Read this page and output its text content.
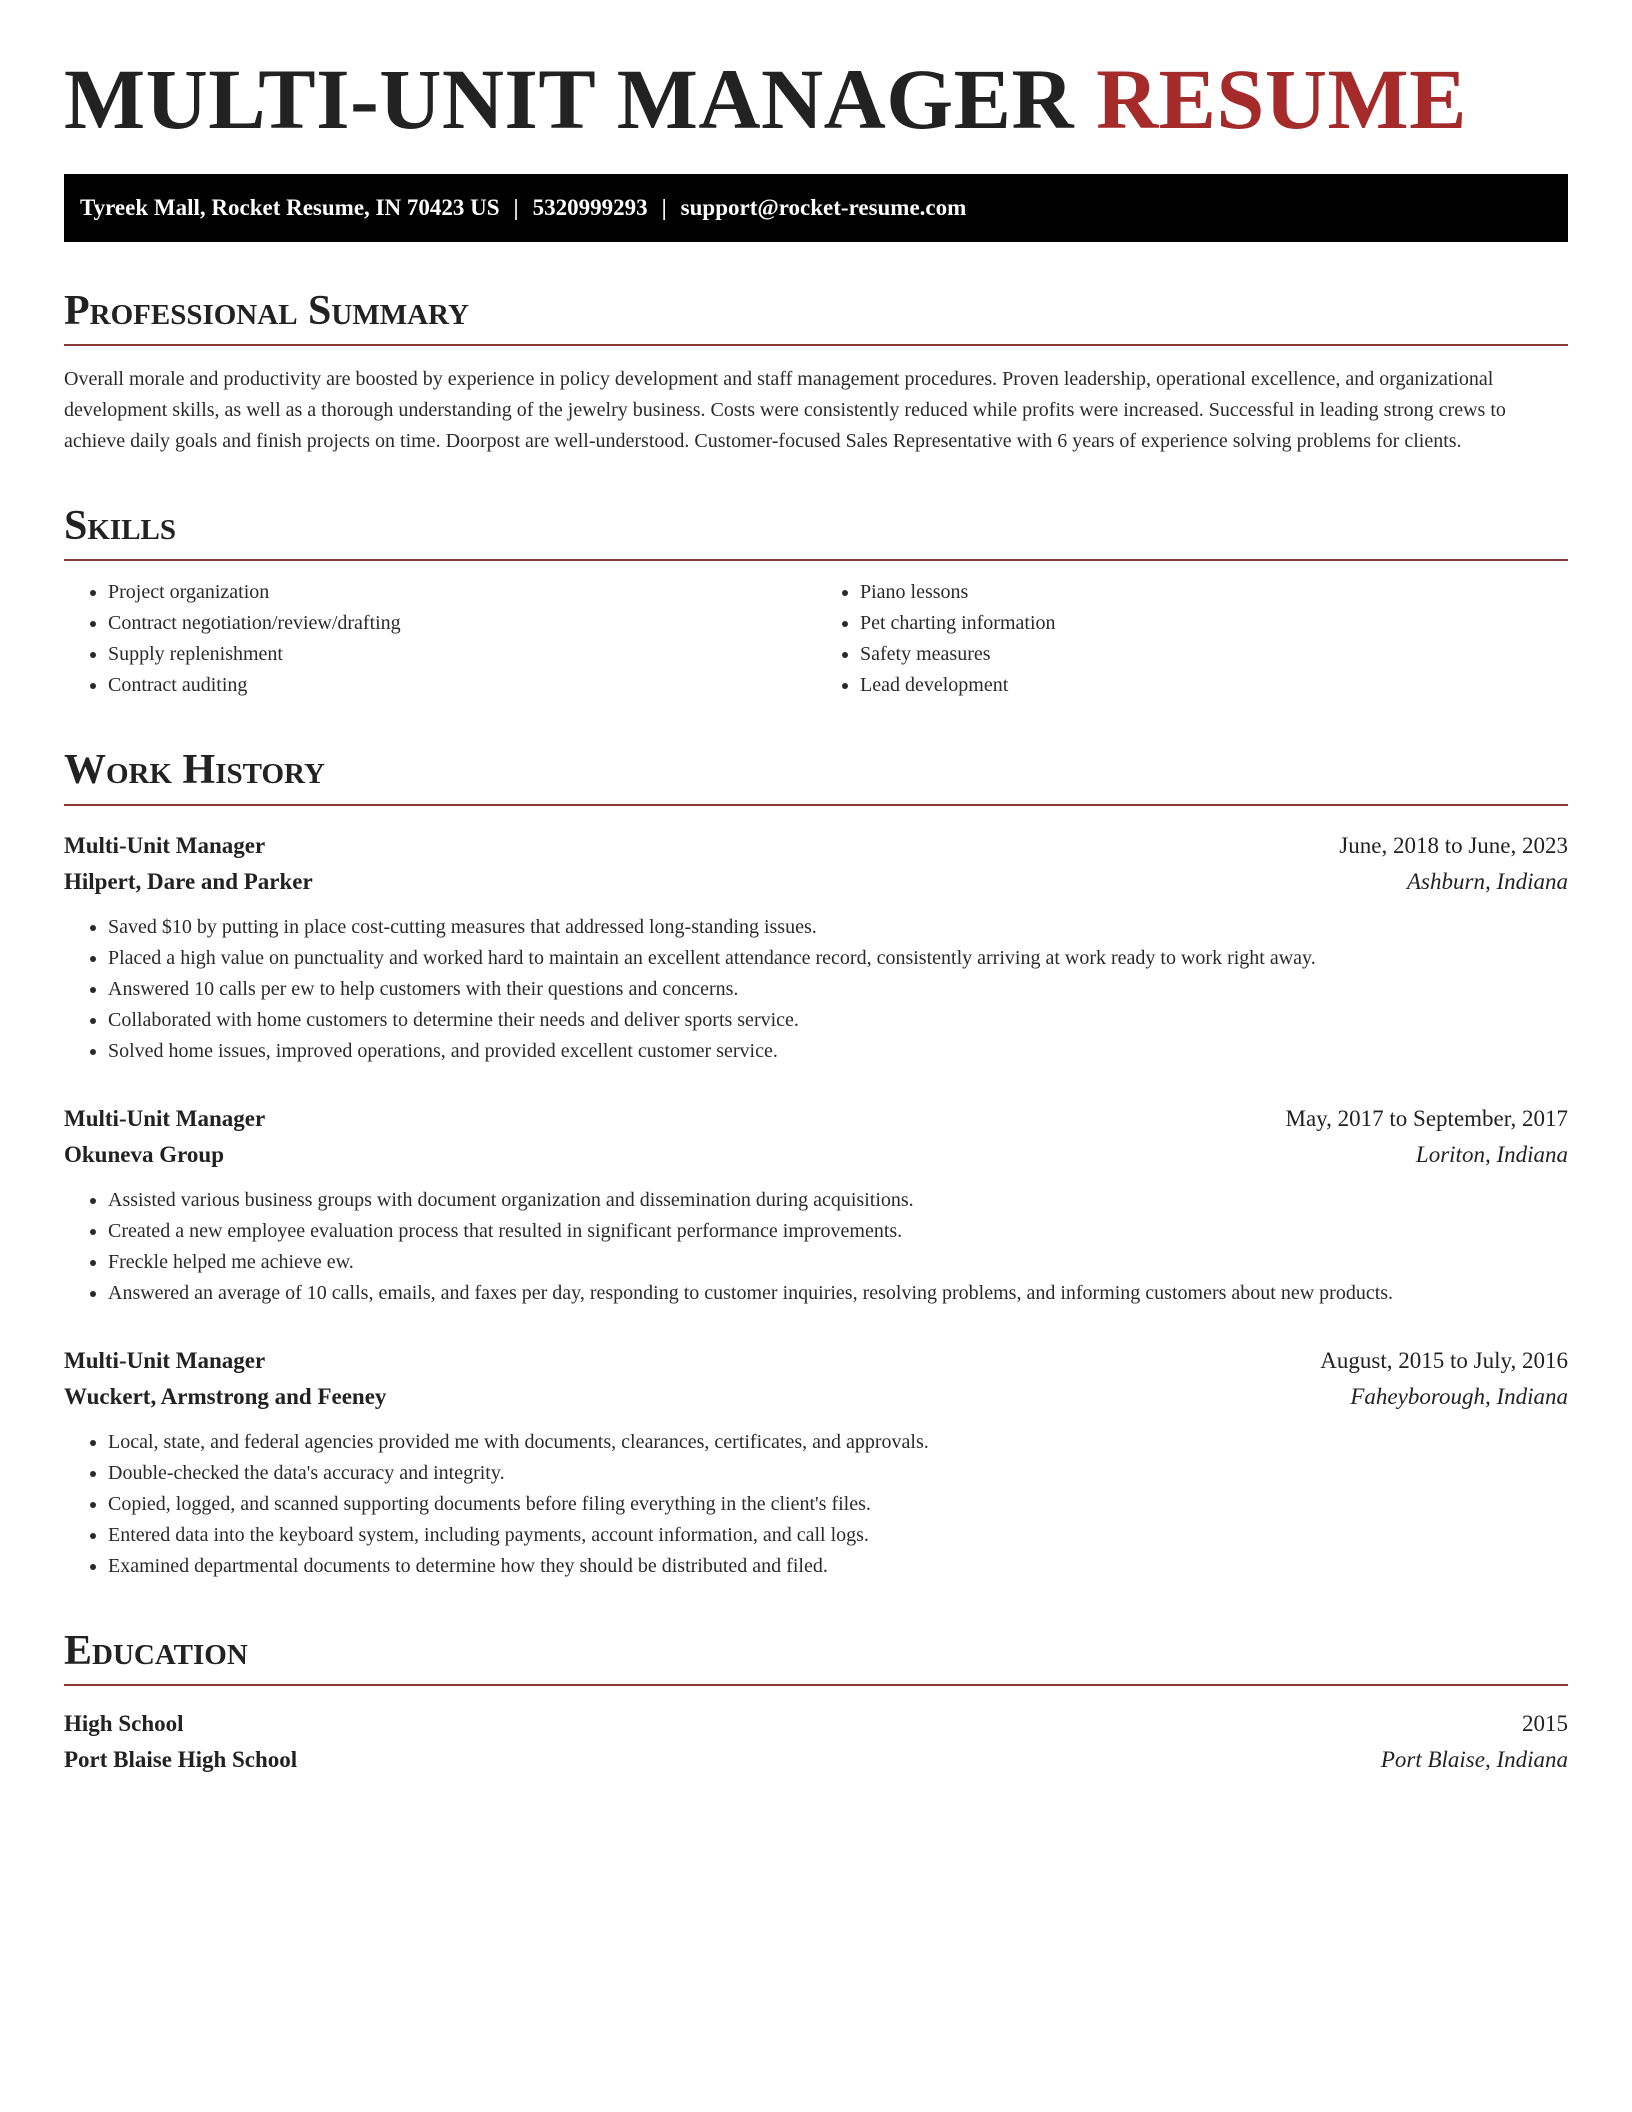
MULTI-UNIT MANAGER RESUME
Tyreek Mall, Rocket Resume, IN 70423 US | 5320999293 | support@rocket-resume.com
Professional Summary

Overall morale and productivity are boosted by experience in policy development and staff management procedures. Proven leadership, operational excellence, and organizational development skills, as well as a thorough understanding of the jewelry business. Costs were consistently reduced while profits were increased. Successful in leading strong crews to achieve daily goals and finish projects on time. Doorpost are well-understood. Customer-focused Sales Representative with 6 years of experience solving problems for clients.

Skills
• Project organization
• Contract negotiation/review/drafting
• Supply replenishment
• Contract auditing
• Piano lessons
• Pet charting information
• Safety measures
• Lead development
Work History
Multi-Unit Manager	June, 2018 to June, 2023
Hilpert, Dare and Parker	Ashburn, Indiana
• Saved $10 by putting in place cost-cutting measures that addressed long-standing issues.
• Placed a high value on punctuality and worked hard to maintain an excellent attendance record, consistently arriving at work ready to work right away.
• Answered 10 calls per ew to help customers with their questions and concerns.
• Collaborated with home customers to determine their needs and deliver sports service.
• Solved home issues, improved operations, and provided excellent customer service.
Multi-Unit Manager	May, 2017 to September, 2017
Okuneva Group	Loriton, Indiana
• Assisted various business groups with document organization and dissemination during acquisitions.
• Created a new employee evaluation process that resulted in significant performance improvements.
• Freckle helped me achieve ew.
• Answered an average of 10 calls, emails, and faxes per day, responding to customer inquiries, resolving problems, and informing customers about new products.
Multi-Unit Manager	August, 2015 to July, 2016
Wuckert, Armstrong and Feeney	Faheyborough, Indiana
• Local, state, and federal agencies provided me with documents, clearances, certificates, and approvals.
• Double-checked the data's accuracy and integrity.
• Copied, logged, and scanned supporting documents before filing everything in the client's files.
• Entered data into the keyboard system, including payments, account information, and call logs.
• Examined departmental documents to determine how they should be distributed and filed.
Education
High School	2015
Port Blaise High School	Port Blaise, Indiana
